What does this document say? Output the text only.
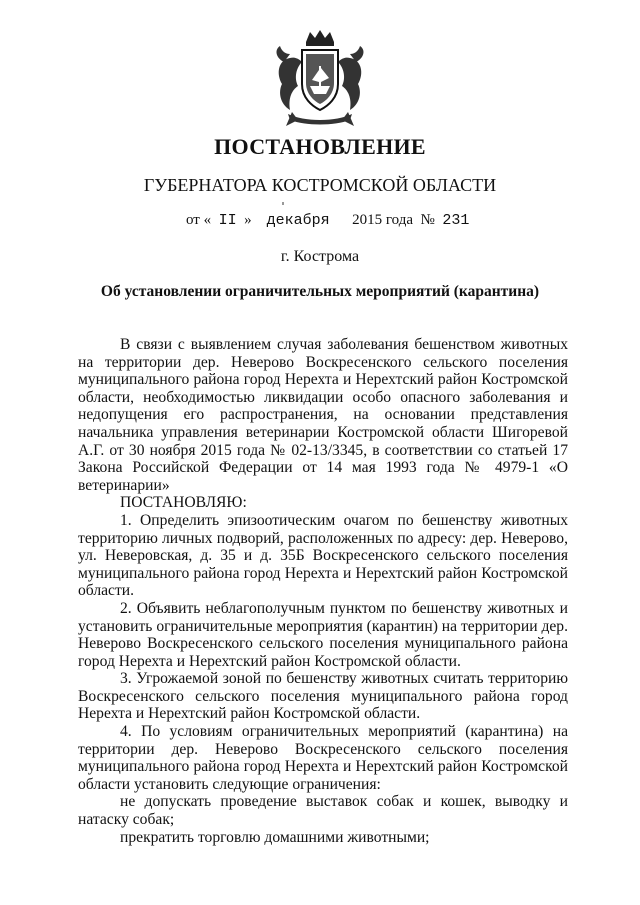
ПОСТАНОВЛЕНИЕ
ГУБЕРНАТОРА КОСТРОМСКОЙ ОБЛАСТИ
от « II » декабря 2015 года № 231
г. Кострома
Об установлении ограничительных мероприятий (карантина)

В связи с выявлением случая заболевания бешенством животных на территории дер. Неверово Воскресенского сельского поселения муниципального района город Нерехта и Нерехтский район Костромской области, необходимостью ликвидации особо опасного заболевания и недопущения его распространения, на основании представления начальника управления ветеринарии Костромской области Шигоревой А.Г. от 30 ноября 2015 года № 02-13/3345, в соответствии со статьей 17 Закона Российской Федерации от 14 мая 1993 года № 4979-1 «О ветеринарии»

ПОСТАНОВЛЯЮ:

1. Определить эпизоотическим очагом по бешенству животных территорию личных подворий, расположенных по адресу: дер. Неверово, ул. Неверовская, д. 35 и д. 35Б Воскресенского сельского поселения муниципального района город Нерехта и Нерехтский район Костромской области.

2. Объявить неблагополучным пунктом по бешенству животных и установить ограничительные мероприятия (карантин) на территории дер. Неверово Воскресенского сельского поселения муниципального района город Нерехта и Нерехтский район Костромской области.

3. Угрожаемой зоной по бешенству животных считать территорию Воскресенского сельского поселения муниципального района город Нерехта и Нерехтский район Костромской области.

4. По условиям ограничительных мероприятий (карантина) на территории дер. Неверово Воскресенского сельского поселения муниципального района город Нерехта и Нерехтский район Костромской области установить следующие ограничения:

не допускать проведение выставок собак и кошек, выводку и натаску собак;

прекратить торговлю домашними животными;
